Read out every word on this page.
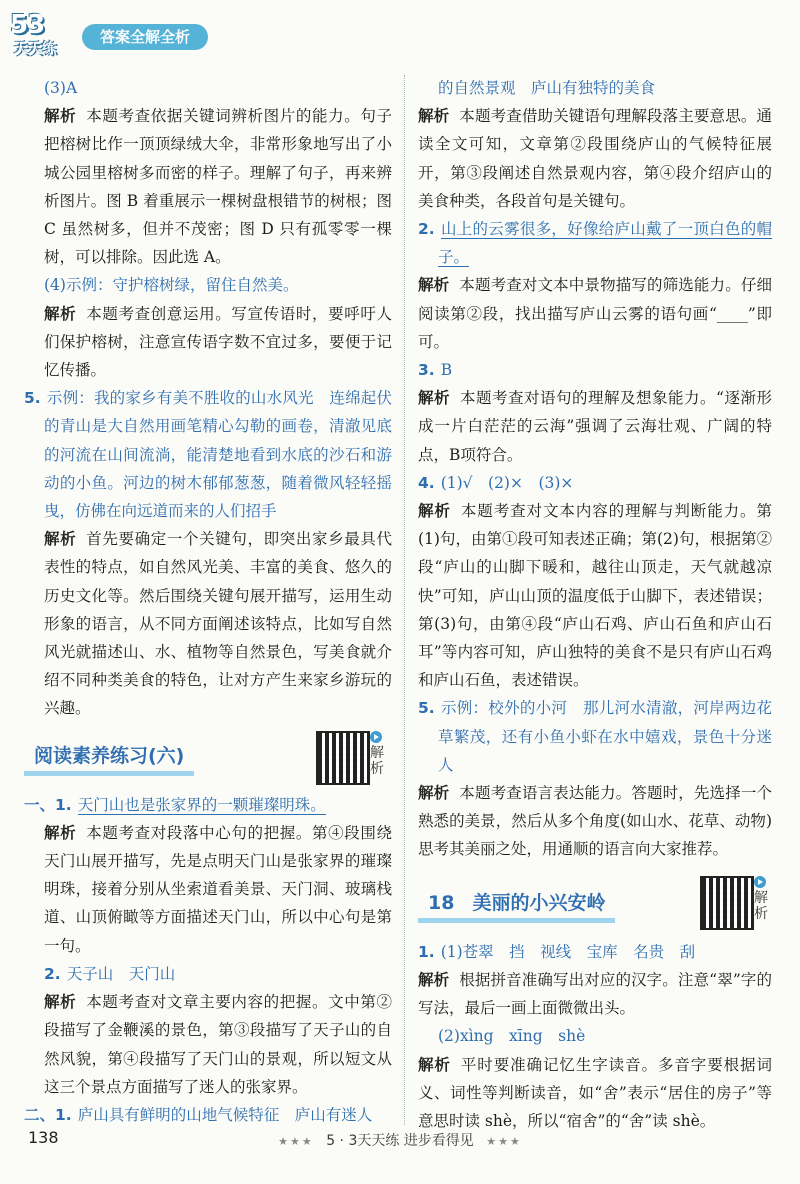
53
天天练
答案全解全析

(3)A

解析 本题考查依据关键词辨析图片的能力。句子把榕树比作一顶顶绿绒大伞，非常形象地写出了小城公园里榕树多而密的样子。理解了句子，再来辨析图片。图 B 着重展示一棵树盘根错节的树根；图 C 虽然树多，但并不茂密；图 D 只有孤零零一棵树，可以排除。因此选 A。

(4)示例：守护榕树绿，留住自然美。

解析 本题考查创意运用。写宣传语时，要呼吁人们保护榕树，注意宣传语字数不宜过多，要便于记忆传播。

5. 示例：我的家乡有美不胜收的山水风光　连绵起伏的青山是大自然用画笔精心勾勒的画卷，清澈见底的河流在山间流淌，能清楚地看到水底的沙石和游动的小鱼。河边的树木郁郁葱葱，随着微风轻轻摇曳，仿佛在向远道而来的人们招手

解析 首先要确定一个关键句，即突出家乡最具代表性的特点，如自然风光美、丰富的美食、悠久的历史文化等。然后围绕关键句展开描写，运用生动形象的语言，从不同方面阐述该特点，比如写自然风光就描述山、水、植物等自然景色，写美食就介绍不同种类美食的特色，让对方产生来家乡游玩的兴趣。

阅读素养练习(六)	解析

一、1. 天门山也是张家界的一颗璀璨明珠。

解析 本题考查对段落中心句的把握。第④段围绕天门山展开描写，先是点明天门山是张家界的璀璨明珠，接着分别从坐索道看美景、天门洞、玻璃栈道、山顶俯瞰等方面描述天门山，所以中心句是第一句。

2. 天子山　天门山

解析 本题考查对文章主要内容的把握。文中第②段描写了金鞭溪的景色，第③段描写了天子山的自然风貌，第④段描写了天门山的景观，所以短文从这三个景点方面描写了迷人的张家界。

二、1. 庐山具有鲜明的山地气候特征　庐山有迷人

的自然景观　庐山有独特的美食

解析 本题考查借助关键语句理解段落主要意思。通读全文可知，文章第②段围绕庐山的气候特征展开，第③段阐述自然景观内容，第④段介绍庐山的美食种类，各段首句是关键句。

2. 山上的云雾很多，好像给庐山戴了一顶白色的帽子。

解析 本题考查对文本中景物描写的筛选能力。仔细阅读第②段，找出描写庐山云雾的语句画“____”即可。

3. B

解析 本题考查对语句的理解及想象能力。“逐渐形成一片白茫茫的云海”强调了云海壮观、广阔的特点，B项符合。

4. (1)√　(2)×　(3)×

解析 本题考查对文本内容的理解与判断能力。第(1)句，由第①段可知表述正确；第(2)句，根据第②段“庐山的山脚下暖和，越往山顶走，天气就越凉快”可知，庐山山顶的温度低于山脚下，表述错误；第(3)句，由第④段“庐山石鸡、庐山石鱼和庐山石耳”等内容可知，庐山独特的美食不是只有庐山石鸡和庐山石鱼，表述错误。

5. 示例：校外的小河　那儿河水清澈，河岸两边花草繁茂，还有小鱼小虾在水中嬉戏，景色十分迷人

解析 本题考查语言表达能力。答题时，先选择一个熟悉的美景，然后从多个角度(如山水、花草、动物)思考其美丽之处，用通顺的语言向大家推荐。

18 美丽的小兴安岭	解析

1. (1)苍翠　挡　视线　宝库　名贵　刮

解析 根据拼音准确写出对应的汉字。注意“翠”字的写法，最后一画上面微微出头。

(2)xìng　xīng　shè

解析 平时要准确记忆生字读音。多音字要根据词义、词性等判断读音，如“舍”表示“居住的房子”等意思时读 shè，所以“宿舍”的“舍”读 shè。

138	★★★ 5 · 3天天练 进步看得见 ★★★
